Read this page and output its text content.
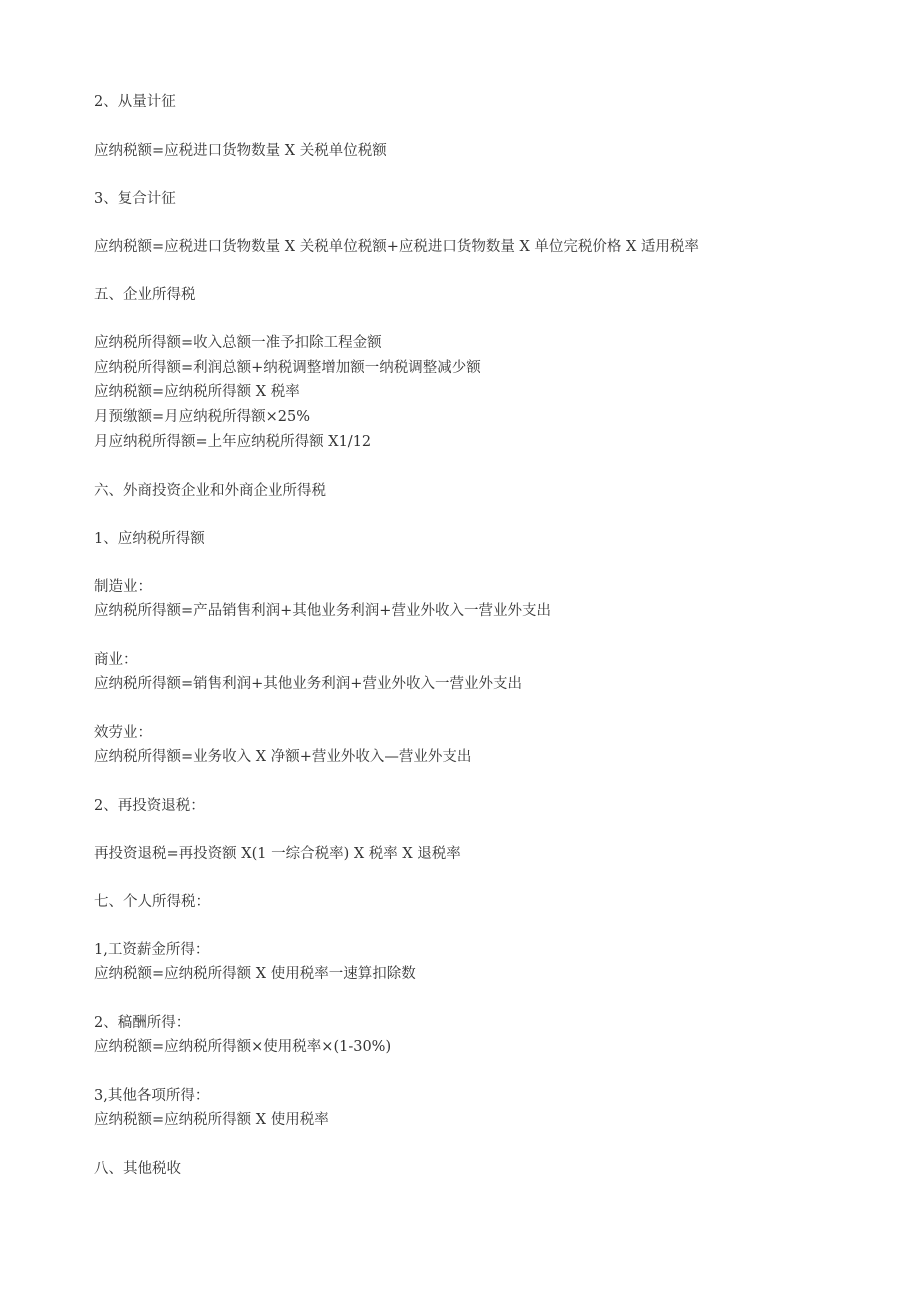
2、从量计征
应纳税额=应税进口货物数量 X 关税单位税额
3、复合计征
应纳税额=应税进口货物数量 X 关税单位税额+应税进口货物数量 X 单位完税价格 X 适用税率
五、企业所得税
应纳税所得额=收入总额一准予扣除工程金额
应纳税所得额=利润总额+纳税调整增加额一纳税调整减少额
应纳税额=应纳税所得额 X 税率
月预缴额=月应纳税所得额×25%
月应纳税所得额=上年应纳税所得额 X1/12
六、外商投资企业和外商企业所得税
1、应纳税所得额
制造业：
应纳税所得额=产品销售利润+其他业务利润+营业外收入一营业外支出
商业：
应纳税所得额=销售利润+其他业务利润+营业外收入一营业外支出
效劳业：
应纳税所得额=业务收入 X 净额+营业外收入—营业外支出
2、再投资退税：
再投资退税=再投资额 X(1 一综合税率) X 税率 X 退税率
七、个人所得税：
1,工资薪金所得：
应纳税额=应纳税所得额 X 使用税率一速算扣除数
2、稿酬所得：
应纳税额=应纳税所得额×使用税率×(1-30%)
3,其他各项所得：
应纳税额=应纳税所得额 X 使用税率
八、其他税收
